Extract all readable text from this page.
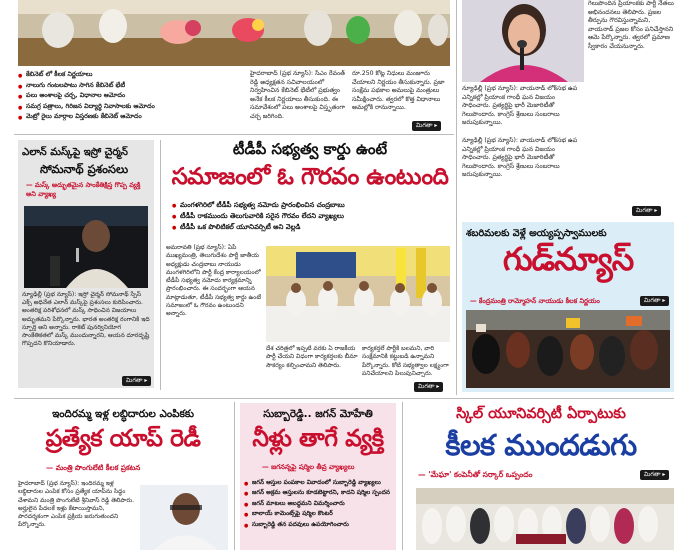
● కేబినెట్ లో కీలక నిర్ణయాలు
● నాలుగు గంటలపాటు సాగిన కేబినెట్ భేటీ
● పలు అంశాలపై చర్చ, విధానాల ఆమోదం
● సమగ్ర పత్రాలు, గిరిజన విద్యార్థి నివాసాలకు ఆమోదం
● మెట్రో రైలు మార్గాల విస్తరణకు కేబినెట్ ఆమోదం
హైదరాబాద్ (ప్రభ న్యూస్): సీఎం రేవంత్ రెడ్డి అధ్యక్షతన సచివాలయంలో నిర్వహించిన కేబినెట్ భేటీలో ప్రభుత్వం అనేక కీలక నిర్ణయాలు తీసుకుంది. ఈ సమావేశంలో పలు అంశాలపై విస్తృతంగా చర్చ జరిగింది.
రూ.250 కోట్ల నిధులు మంజూరు చేయాలని నిర్ణయం తీసుకున్నారు. ప్రజా సంక్షేమ పథకాల అమలుపై మంత్రులు సమీక్షించారు. త్వరలో కొత్త విధానాలు అమల్లోకి రానున్నాయి.
మిగతా ▸
న్యూఢిల్లీ (ప్రభ న్యూస్): వాయనాడ్ లోక్‌సభ ఉప ఎన్నికల్లో ప్రియాంక గాంధీ ఘన విజయం సాధించారు. ప్రత్యర్థిపై భారీ మెజారిటీతో గెలుపొందారు. కాంగ్రెస్ శ్రేణులు సంబరాలు జరుపుకున్నాయి.
గెలుపొందిన ప్రియాంకకు పార్టీ నేతలు అభినందనలు తెలిపారు. ప్రజల తీర్పును గౌరవిస్తున్నామని, వాయనాడ్ ప్రజల కోసం పనిచేస్తానని ఆమె పేర్కొన్నారు. త్వరలో ప్రమాణ స్వీకారం చేయనున్నారు.
న్యూఢిల్లీ (ప్రభ న్యూస్): వాయనాడ్ లోక్‌సభ ఉప ఎన్నికల్లో ప్రియాంక గాంధీ ఘన విజయం సాధించారు. ప్రత్యర్థిపై భారీ మెజారిటీతో గెలుపొందారు. కాంగ్రెస్ శ్రేణులు సంబరాలు జరుపుకున్నాయి.
మిగతా ▸
ఎలాన్ మస్క్‌పై ఇస్రో చైర్మన్
సోమనాథ్ ప్రశంసలు
— మస్క్ అద్భుతమైన సాంకేతిక్షిప్త గొప్ప వ్యక్తి అని వ్యాఖ్య
న్యూఢిల్లీ (ప్రభ న్యూస్): ఇస్రో చైర్మన్ సోమనాథ్ స్పేస్ ఎక్స్ అధినేత ఎలాన్ మస్క్‌పై ప్రశంసలు కురిపించారు. అంతరిక్ష పరిశోధనలో మస్క్ సాధించిన విజయాలు అద్భుతమని పేర్కొన్నారు. భారత అంతరిక్ష రంగానికి ఇది స్ఫూర్తి అని అన్నారు. రాకెట్ పునర్వినియోగ సాంకేతికతలో మస్క్ ముందున్నారని, ఆయన దూరదృష్టి గొప్పదని కొనియాడారు.
మిగతా ▸
టీడీపీ సభ్యత్వ కార్డు ఉంటే
సమాజంలో ఓ గౌరవం ఉంటుంది
● మంగళగిరిలో టీడీపీ సభ్యత్వ నమోదు ప్రారంభించిన చంద్రబాబు
● టీడీపీ రాకముందు తెలుగువారికి సరైన గౌరవం లేదని వ్యాఖ్యలు
● టీడీపీ ఒక పొలిటికల్ యూనివర్సిటీ అని వెల్లడి
అమరావతి (ప్రభ న్యూస్): ఏపీ ముఖ్యమంత్రి, తెలుగుదేశం పార్టీ జాతీయ అధ్యక్షుడు చంద్రబాబు నాయుడు మంగళగిరిలోని పార్టీ కేంద్ర కార్యాలయంలో టీడీపీ సభ్యత్వ నమోదు కార్యక్రమాన్ని ప్రారంభించారు. ఈ సందర్భంగా ఆయన మాట్లాడుతూ, టీడీపీ సభ్యత్వ కార్డు ఉంటే సమాజంలో ఓ గౌరవం ఉంటుందని అన్నారు.
దేశ చరిత్రలో ఇప్పటి వరకు ఏ రాజకీయ పార్టీ చేయని విధంగా కార్యకర్తలకు బీమా సౌకర్యం కల్పించామని తెలిపారు.
కార్యకర్తలే పార్టీకి బలమని, వారి సంక్షేమానికి కట్టుబడి ఉన్నామని పేర్కొన్నారు. కోటి సభ్యత్వాల లక్ష్యంగా పనిచేయాలని పిలుపునిచ్చారు.
మిగతా ▸
శబరిమలకు వెళ్లే అయ్యప్పస్వాములకు
గుడ్‌న్యూస్
— కేంద్రమంత్రి రామ్మోహన్ నాయుడు కీలక నిర్ణయం	మిగతా ▸
ఇందిరమ్మ ఇళ్ల లబ్ధిదారుల ఎంపికకు
ప్రత్యేక యాప్ రెడీ
— మంత్రి పొంగులేటి కీలక ప్రకటన
హైదరాబాద్ (ప్రభ న్యూస్): ఇందిరమ్మ ఇళ్ల లబ్ధిదారుల ఎంపిక కోసం ప్రత్యేక యాప్‌ను సిద్ధం చేశామని మంత్రి పొంగులేటి శ్రీనివాస్ రెడ్డి తెలిపారు. అర్హులైన పేదలకే ఇళ్లు కేటాయిస్తామని, పారదర్శకంగా ఎంపిక ప్రక్రియ జరుగుతుందని పేర్కొన్నారు.
సుబ్బారెడ్డి.. జగన్ మోహేతి
నీళ్లు తాగే వ్యక్తి
— జగనన్నపై షర్మిల తీవ్ర వ్యాఖ్యలు
● జగన్ ఆస్తుల పంపకాల వివాదంలో సుబ్బారెడ్డి వ్యాఖ్యలు
● జగన్ అక్రమ ఆస్తులను కూడబెట్టారని, కాదని షర్మిల స్పందన
● జగన్ మాటలు అబద్ధమని విమర్శించారు
● బాలాయ్ కామెంట్స్‌పై షర్మిల కౌంటర్
● సుబ్బారెడ్డి తన పదవులు ఉపయోగించారు
స్కిల్ యూనివర్సిటీ ఏర్పాటుకు
కీలక ముందడుగు
— 'మేఘా' కంపెనీతో సర్కార్ ఒప్పందం	మిగతా ▸
